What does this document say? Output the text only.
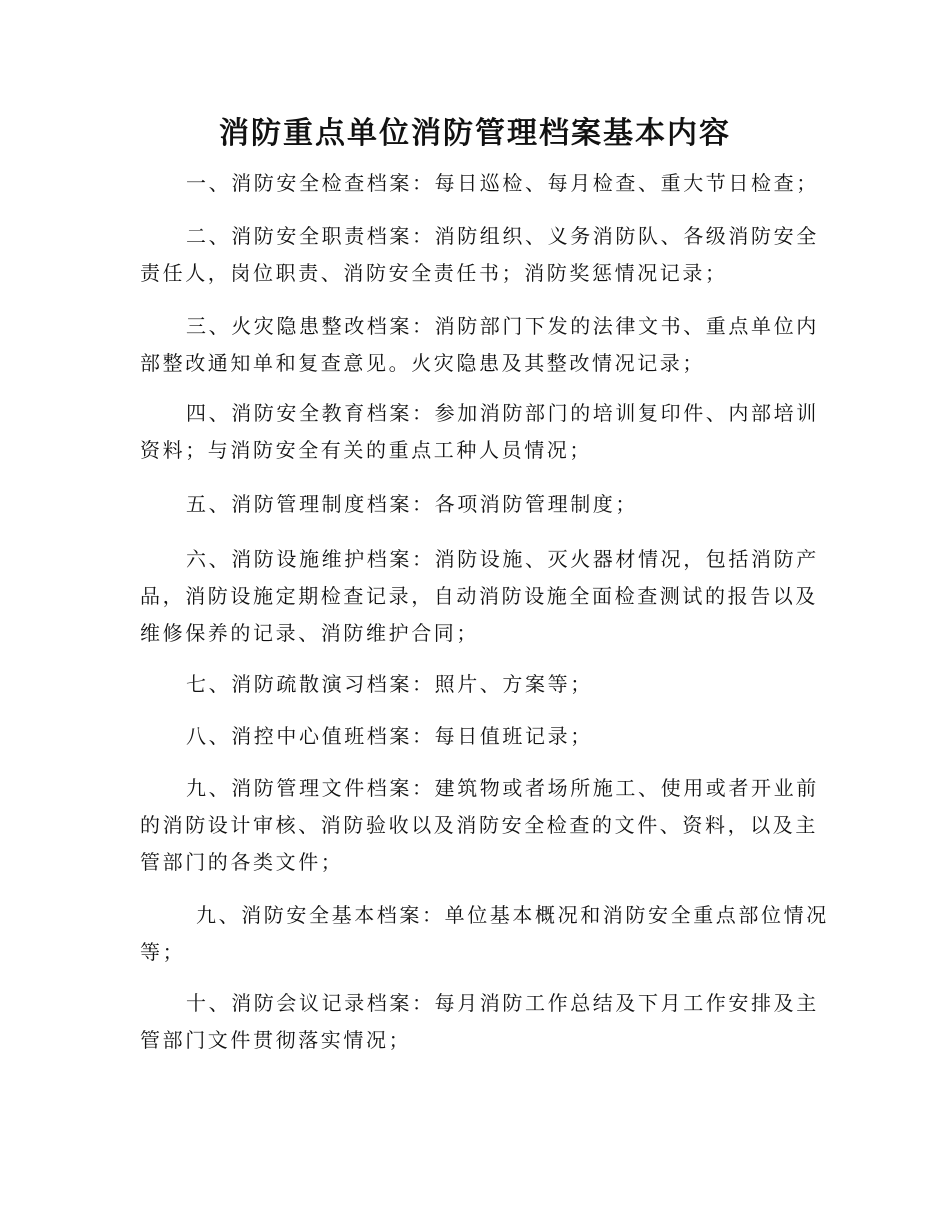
消防重点单位消防管理档案基本内容

一、消防安全检查档案：每日巡检、每月检查、重大节日检查；

二、消防安全职责档案：消防组织、义务消防队、各级消防安全
责任人，岗位职责、消防安全责任书；消防奖惩情况记录；

三、火灾隐患整改档案：消防部门下发的法律文书、重点单位内
部整改通知单和复查意见。火灾隐患及其整改情况记录；

四、消防安全教育档案：参加消防部门的培训复印件、内部培训
资料；与消防安全有关的重点工种人员情况；

五、消防管理制度档案：各项消防管理制度；

六、消防设施维护档案：消防设施、灭火器材情况，包括消防产
品，消防设施定期检查记录，自动消防设施全面检查测试的报告以及
维修保养的记录、消防维护合同；

七、消防疏散演习档案：照片、方案等；

八、消控中心值班档案：每日值班记录；

九、消防管理文件档案：建筑物或者场所施工、使用或者开业前
的消防设计审核、消防验收以及消防安全检查的文件、资料，以及主
管部门的各类文件；

九、消防安全基本档案：单位基本概况和消防安全重点部位情况
等；

十、消防会议记录档案：每月消防工作总结及下月工作安排及主
管部门文件贯彻落实情况；
